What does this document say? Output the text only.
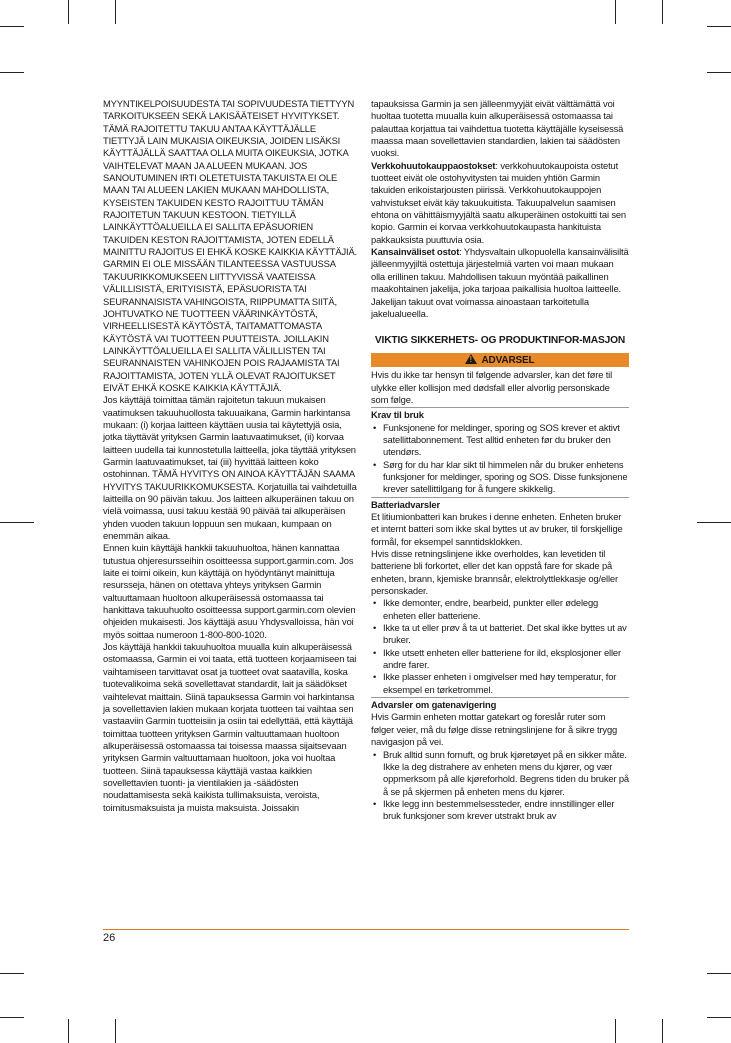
MYYNTIKELPOISUUDESTA TAI SOPIVUUDESTA TIETTYYN TARKOITUKSEEN SEKÄ LAKISÄÄTEISET HYVITYKSET. TÄMÄ RAJOITETTU TAKUU ANTAA KÄYTTÄJÄLLE TIETTYJÄ LAIN MUKAISIA OIKEUKSIA, JOIDEN LISÄKSI KÄYTTÄJÄLLÄ SAATTAA OLLA MUITA OIKEUKSIA, JOTKA VAIHTELEVAT MAAN JA ALUEEN MUKAAN. JOS SANOUTUMINEN IRTI OLETETUISTA TAKUISTA EI OLE MAAN TAI ALUEEN LAKIEN MUKAAN MAHDOLLISTA, KYSEISTEN TAKUIDEN KESTO RAJOITTUU TÄMÄN RAJOITETUN TAKUUN KESTOON. TIETYILLÄ LAINKÄYTTÖALUEILLA EI SALLITA EPÄSUORIEN TAKUIDEN KESTON RAJOITTAMISTA, JOTEN EDELLÄ MAINITTU RAJOITUS EI EHKÄ KOSKE KAIKKIA KÄYTTÄJIÄ.

GARMIN EI OLE MISSÄÄN TILANTEESSA VASTUUSSA TAKUURIKKOMUKSEEN LIITTYVISSÄ VAATEISSA VÄLILLISISTÄ, ERITYISISTÄ, EPÄSUORISTA TAI SEURANNAISISTA VAHINGOISTA, RIIPPUMATTA SIITÄ, JOHTUVATKO NE TUOTTEEN VÄÄRINKÄYTÖSTÄ, VIRHEELLISESTÄ KÄYTÖSTÄ, TAITAMATTOMASTA KÄYTÖSTÄ VAI TUOTTEEN PUUTTEISTA. JOILLAKIN LAINKÄYTTÖALUEILLA EI SALLITA VÄLILLISTEN TAI SEURANNAISTEN VAHINKOJEN POIS RAJAAMISTA TAI RAJOITTAMISTA, JOTEN YLLÄ OLEVAT RAJOITUKSET EIVÄT EHKÄ KOSKE KAIKKIA KÄYTTÄJIÄ.

Jos käyttäjä toimittaa tämän rajoitetun takuun mukaisen vaatimuksen takuuhuollosta takuuaikana, Garmin harkintansa mukaan: (i) korjaa laitteen käyttäen uusia tai käytettyjä osia, jotka täyttävät yrityksen Garmin laatuvaatimukset, (ii) korvaa laitteen uudella tai kunnostetulla laitteella, joka täyttää yrityksen Garmin laatuvaatimukset, tai (iii) hyvittää laitteen koko ostohinnan. TÄMÄ HYVITYS ON AINOA KÄYTTÄJÄN SAAMA HYVITYS TAKUURIKKOMUKSESTA. Korjatuilla tai vaihdetuilla laitteilla on 90 päivän takuu. Jos laitteen alkuperäinen takuu on vielä voimassa, uusi takuu kestää 90 päivää tai alkuperäisen yhden vuoden takuun loppuun sen mukaan, kumpaan on enemmän aikaa.

Ennen kuin käyttäjä hankkii takuuhuoltoa, hänen kannattaa tutustua ohjeresursseihin osoitteessa support.garmin.com. Jos laite ei toimi oikein, kun käyttäjä on hyödyntänyt mainittuja resursseja, hänen on otettava yhteys yrityksen Garmin valtuuttamaan huoltoon alkuperäisessä ostomaassa tai hankittava takuuhuolto osoitteessa support.garmin.com olevien ohjeiden mukaisesti. Jos käyttäjä asuu Yhdysvalloissa, hän voi myös soittaa numeroon 1-800-800-1020.

Jos käyttäjä hankkii takuuhuoltoa muualla kuin alkuperäisessä ostomaassa, Garmin ei voi taata, että tuotteen korjaamiseen tai vaihtamiseen tarvittavat osat ja tuotteet ovat saatavilla, koska tuotevalikoima sekä sovellettavat standardit, lait ja säädökset vaihtelevat maittain. Siinä tapauksessa Garmin voi harkintansa ja sovellettavien lakien mukaan korjata tuotteen tai vaihtaa sen vastaaviin Garmin tuotteisiin ja osiin tai edellyttää, että käyttäjä toimittaa tuotteen yrityksen Garmin valtuuttamaan huoltoon alkuperäisessä ostomaassa tai toisessa maassa sijaitsevaan yrityksen Garmin valtuuttamaan huoltoon, joka voi huoltaa tuotteen. Siinä tapauksessa käyttäjä vastaa kaikkien sovellettavien tuonti- ja vientilakien ja -säädösten noudattamisesta sekä kaikista tullimaksuista, veroista, toimitusmaksuista ja muista maksuista. Joissakin

tapauksissa Garmin ja sen jälleenmyyjät eivät välttämättä voi huoltaa tuotetta muualla kuin alkuperäisessä ostomaassa tai palauttaa korjattua tai vaihdettua tuotetta käyttäjälle kyseisessä maassa maan sovellettavien standardien, lakien tai säädösten vuoksi.

Verkkohuutokauppaostokset: verkkohuutokaupoista ostetut tuotteet eivät ole ostohyvitysten tai muiden yhtiön Garmin takuiden erikoistarjousten piirissä. Verkkohuutokauppojen vahvistukset eivät käy takuukuitista. Takuupalvelun saamisen ehtona on vähittäismyyjältä saatu alkuperäinen ostokuitti tai sen kopio. Garmin ei korvaa verkkohuutokaupasta hankituista pakkauksista puuttuvia osia.

Kansainväliset ostot: Yhdysvaltain ulkopuolella kansainvälisiltä jälleenmyyjiltä ostettuja järjestelmiä varten voi maan mukaan olla erillinen takuu. Mahdollisen takuun myöntää paikallinen maakohtainen jakelija, joka tarjoaa paikallisia huoltoa laitteelle. Jakelijan takuut ovat voimassa ainoastaan tarkoitetulla jakelualueella.

VIKTIG SIKKERHETS- OG PRODUKTINFOR-MASJON

!ADVARSEL

Hvis du ikke tar hensyn til følgende advarsler, kan det føre til ulykke eller kollisjon med dødsfall eller alvorlig personskade som følge.

Krav til bruk

• Funksjonene for meldinger, sporing og SOS krever et aktivt satellittabonnement. Test alltid enheten før du bruker den utendørs.
• Sørg for du har klar sikt til himmelen når du bruker enhetens funksjoner for meldinger, sporing og SOS. Disse funksjonene krever satellittilgang for å fungere skikkelig.

Batteriadvarsler

Et litiumionbatteri kan brukes i denne enheten. Enheten bruker et internt batteri som ikke skal byttes ut av bruker, til forskjellige formål, for eksempel sanntidsklokken.

Hvis disse retningslinjene ikke overholdes, kan levetiden til batteriene bli forkortet, eller det kan oppstå fare for skade på enheten, brann, kjemiske brannsår, elektrolyttlekkasje og/eller personskader.

• Ikke demonter, endre, bearbeid, punkter eller ødelegg enheten eller batteriene.
• Ikke ta ut eller prøv å ta ut batteriet. Det skal ikke byttes ut av bruker.
• Ikke utsett enheten eller batteriene for ild, eksplosjoner eller andre farer.
• Ikke plasser enheten i omgivelser med høy temperatur, for eksempel en tørketrommel.

Advarsler om gatenavigering

Hvis Garmin enheten mottar gatekart og foreslår ruter som følger veier, må du følge disse retningslinjene for å sikre trygg navigasjon på vei.

• Bruk alltid sunn fornuft, og bruk kjøretøyet på en sikker måte. Ikke la deg distrahere av enheten mens du kjører, og vær oppmerksom på alle kjøreforhold. Begrens tiden du bruker på å se på skjermen på enheten mens du kjører.
• Ikke legg inn bestemmelsessteder, endre innstillinger eller bruk funksjoner som krever utstrakt bruk av
26
